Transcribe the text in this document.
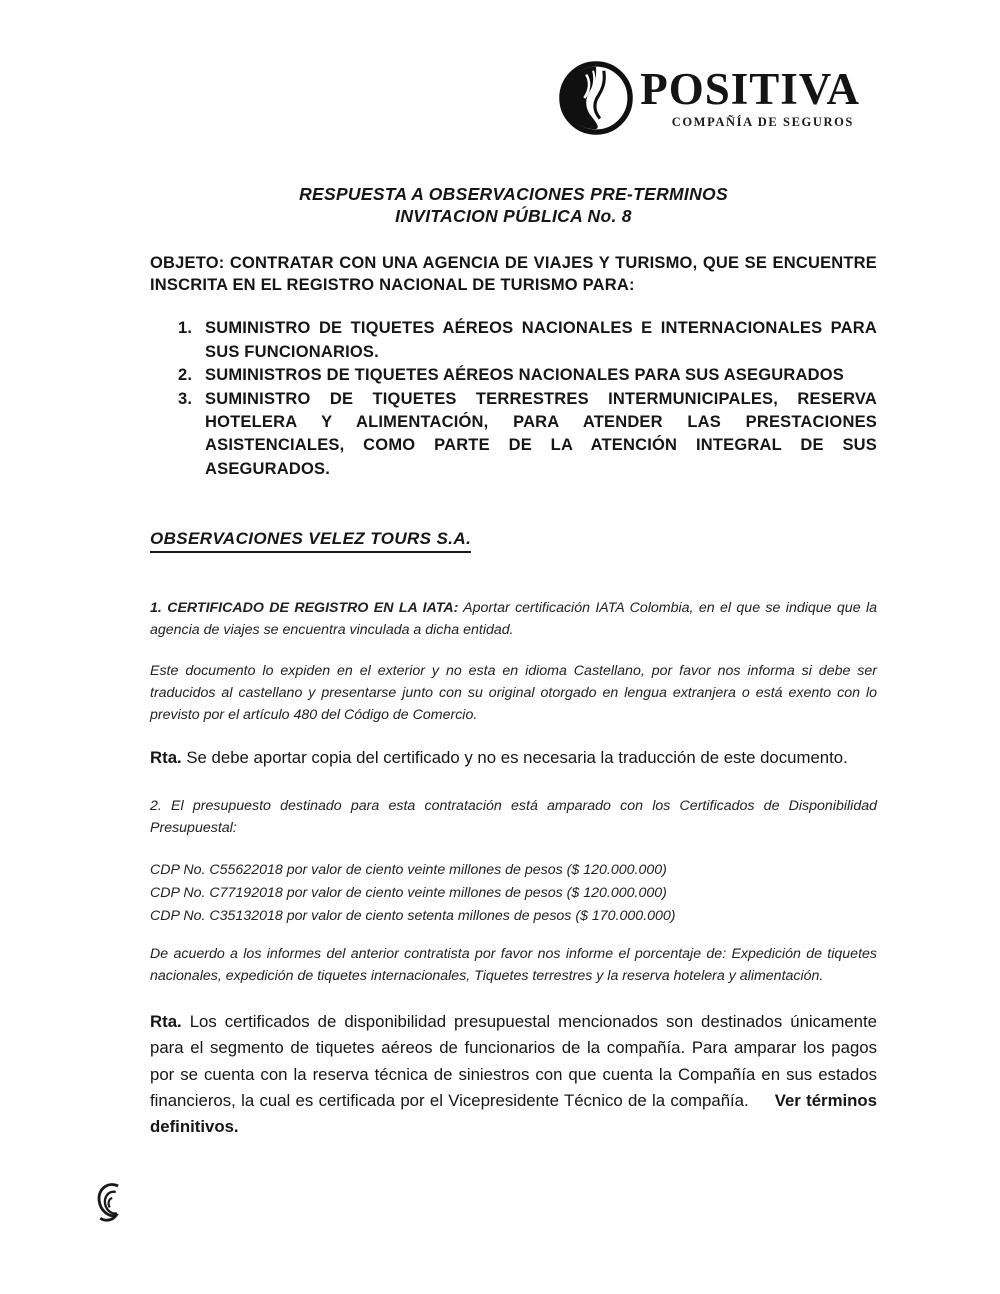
POSITIVA
COMPAÑÍA DE SEGUROS
RESPUESTA A OBSERVACIONES PRE-TERMINOS
INVITACION PÚBLICA No. 8

OBJETO: CONTRATAR CON UNA AGENCIA DE VIAJES Y TURISMO, QUE SE ENCUENTRE INSCRITA EN EL REGISTRO NACIONAL DE TURISMO PARA:

1. SUMINISTRO DE TIQUETES AÉREOS NACIONALES E INTERNACIONALES PARA SUS FUNCIONARIOS.
2. SUMINISTROS DE TIQUETES AÉREOS NACIONALES PARA SUS ASEGURADOS
3. SUMINISTRO DE TIQUETES TERRESTRES INTERMUNICIPALES, RESERVA HOTELERA Y ALIMENTACIÓN, PARA ATENDER LAS PRESTACIONES ASISTENCIALES, COMO PARTE DE LA ATENCIÓN INTEGRAL DE SUS ASEGURADOS.
OBSERVACIONES VELEZ TOURS S.A.

1. CERTIFICADO DE REGISTRO EN LA IATA: Aportar certificación IATA Colombia, en el que se indique que la agencia de viajes se encuentra vinculada a dicha entidad.

Este documento lo expiden en el exterior y no esta en idioma Castellano, por favor nos informa si debe ser traducidos al castellano y presentarse junto con su original otorgado en lengua extranjera o está exento con lo previsto por el artículo 480 del Código de Comercio.

Rta. Se debe aportar copia del certificado y no es necesaria la traducción de este documento.

2. El presupuesto destinado para esta contratación está amparado con los Certificados de Disponibilidad Presupuestal:

CDP No. C55622018 por valor de ciento veinte millones de pesos ($ 120.000.000)
CDP No. C77192018 por valor de ciento veinte millones de pesos ($ 120.000.000)
CDP No. C35132018 por valor de ciento setenta millones de pesos ($ 170.000.000)

De acuerdo a los informes del anterior contratista por favor nos informe el porcentaje de: Expedición de tiquetes nacionales, expedición de tiquetes internacionales, Tiquetes terrestres y la reserva hotelera y alimentación.

Rta. Los certificados de disponibilidad presupuestal mencionados son destinados únicamente para el segmento de tiquetes aéreos de funcionarios de la compañía. Para amparar los pagos por se cuenta con la reserva técnica de siniestros con que cuenta la Compañía en sus estados financieros, la cual es certificada por el Vicepresidente Técnico de la compañía. Ver términos definitivos.
